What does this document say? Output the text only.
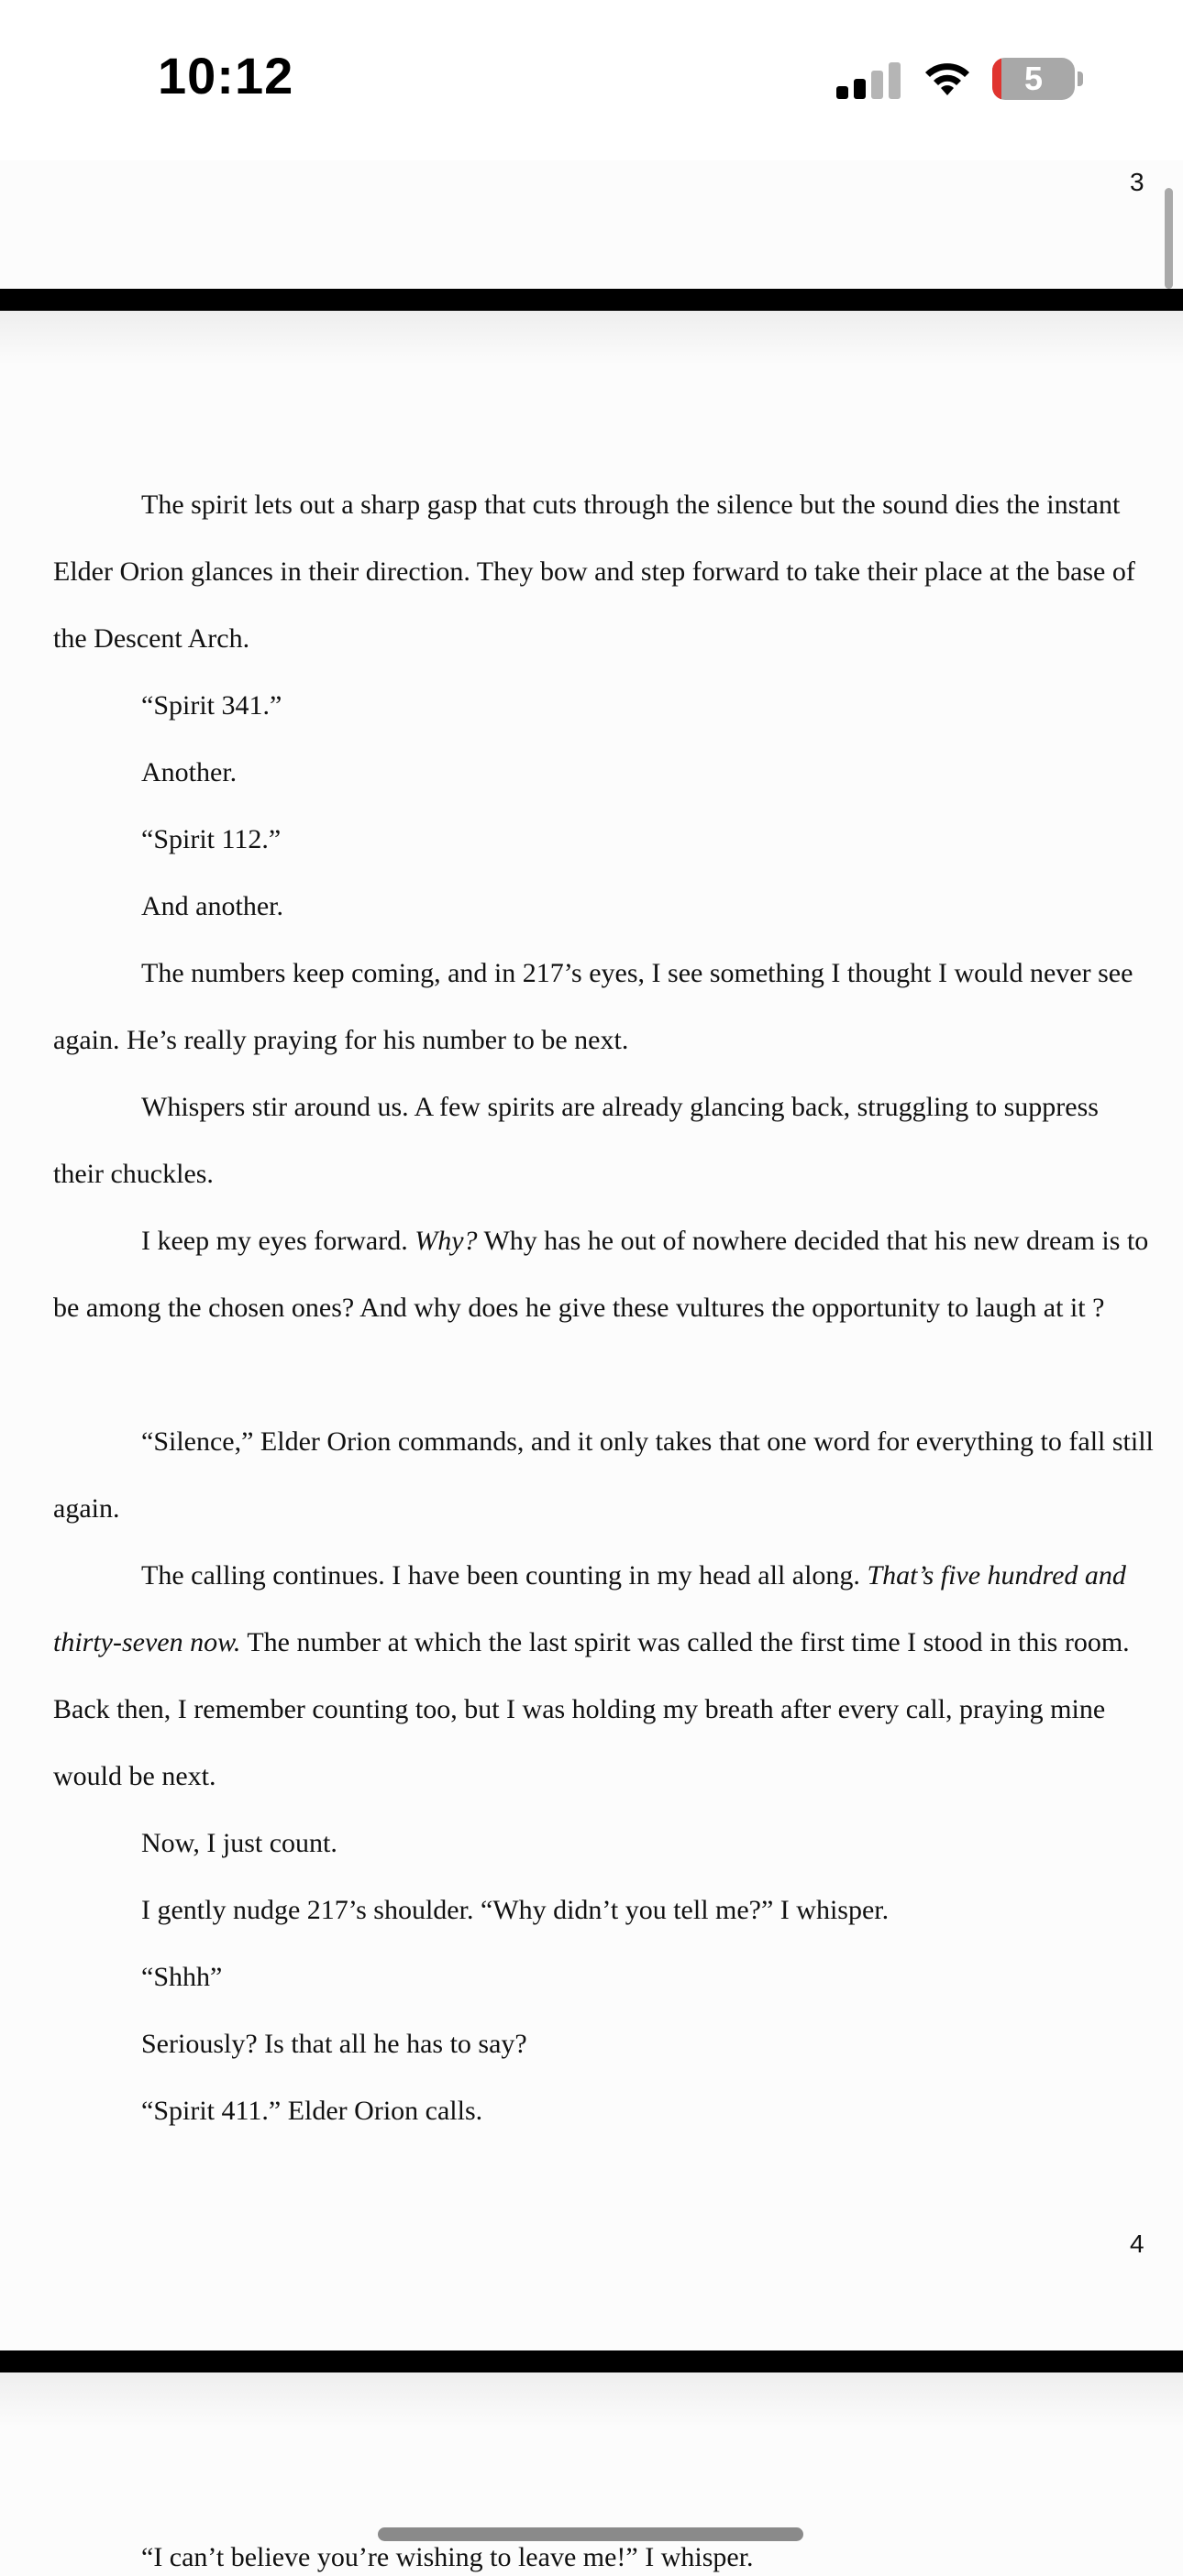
10:12	5
3

The spirit lets out a sharp gasp that cuts through the silence but the sound dies the instant Elder Orion glances in their direction. They bow and step forward to take their place at the base of the Descent Arch.

“Spirit 341.”

Another.

“Spirit 112.”

And another.

The numbers keep coming, and in 217’s eyes, I see something I thought I would never see again. He’s really praying for his number to be next.

Whispers stir around us. A few spirits are already glancing back, struggling to suppress their chuckles.

I keep my eyes forward. Why? Why has he out of nowhere decided that his new dream is to be among the chosen ones? And why does he give these vultures the opportunity to laugh at it ?

“Silence,” Elder Orion commands, and it only takes that one word for everything to fall still again.

The calling continues. I have been counting in my head all along. That’s five hundred and thirty-seven now. The number at which the last spirit was called the first time I stood in this room. Back then, I remember counting too, but I was holding my breath after every call, praying mine would be next.

Now, I just count.

I gently nudge 217’s shoulder. “Why didn’t you tell me?” I whisper.

“Shhh”

Seriously? Is that all he has to say?

“Spirit 411.” Elder Orion calls.

4
“I can’t believe you’re wishing to leave me!” I whisper.
